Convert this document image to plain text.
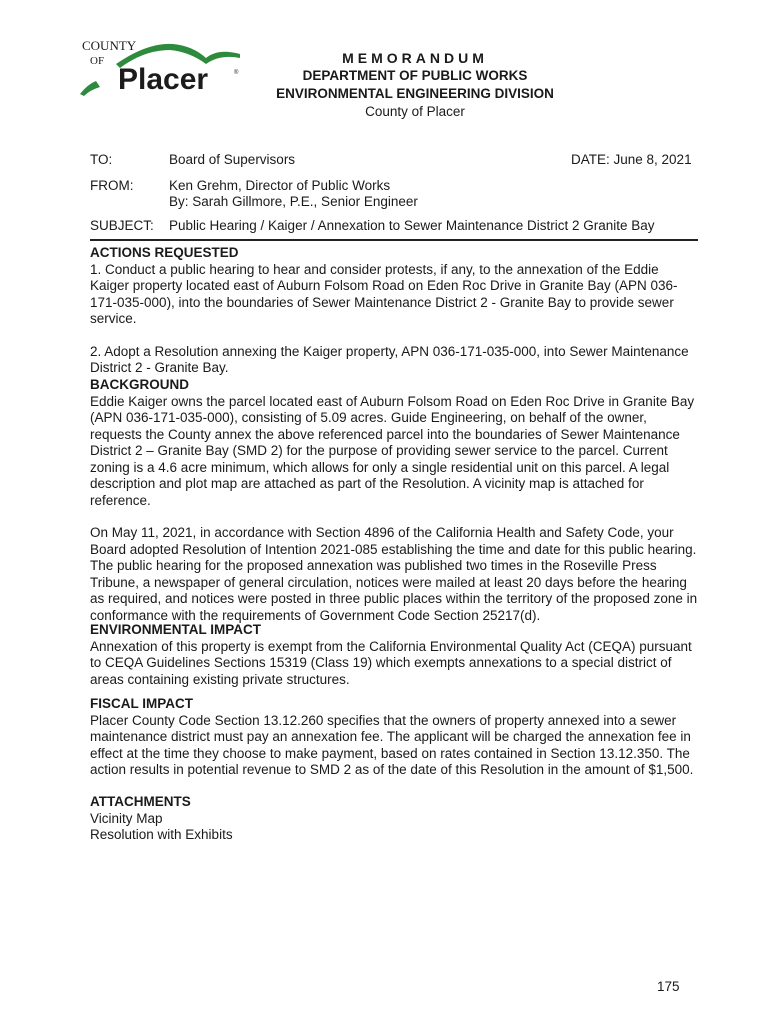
COUNTY
OF
Placer	®
MEMORANDUM
DEPARTMENT OF PUBLIC WORKS
ENVIRONMENTAL ENGINEERING DIVISION
County of Placer
TO:	Board of Supervisors	DATE: June 8, 2021
FROM:	Ken Grehm, Director of Public Works
By: Sarah Gillmore, P.E., Senior Engineer
SUBJECT: Public Hearing / Kaiger / Annexation to Sewer Maintenance District 2 Granite Bay
ACTIONS REQUESTED

1. Conduct a public hearing to hear and consider protests, if any, to the annexation of the Eddie Kaiger property located east of Auburn Folsom Road on Eden Roc Drive in Granite Bay (APN 036-171-035-000), into the boundaries of Sewer Maintenance District 2 - Granite Bay to provide sewer service.

2. Adopt a Resolution annexing the Kaiger property, APN 036-171-035-000, into Sewer Maintenance District 2 - Granite Bay.

BACKGROUND

Eddie Kaiger owns the parcel located east of Auburn Folsom Road on Eden Roc Drive in Granite Bay (APN 036-171-035-000), consisting of 5.09 acres. Guide Engineering, on behalf of the owner, requests the County annex the above referenced parcel into the boundaries of Sewer Maintenance District 2 – Granite Bay (SMD 2) for the purpose of providing sewer service to the parcel. Current zoning is a 4.6 acre minimum, which allows for only a single residential unit on this parcel. A legal description and plot map are attached as part of the Resolution. A vicinity map is attached for reference.

On May 11, 2021, in accordance with Section 4896 of the California Health and Safety Code, your Board adopted Resolution of Intention 2021-085 establishing the time and date for this public hearing. The public hearing for the proposed annexation was published two times in the Roseville Press Tribune, a newspaper of general circulation, notices were mailed at least 20 days before the hearing as required, and notices were posted in three public places within the territory of the proposed zone in conformance with the requirements of Government Code Section 25217(d).

ENVIRONMENTAL IMPACT

Annexation of this property is exempt from the California Environmental Quality Act (CEQA) pursuant to CEQA Guidelines Sections 15319 (Class 19) which exempts annexations to a special district of areas containing existing private structures.

FISCAL IMPACT

Placer County Code Section 13.12.260 specifies that the owners of property annexed into a sewer maintenance district must pay an annexation fee. The applicant will be charged the annexation fee in effect at the time they choose to make payment, based on rates contained in Section 13.12.350. The action results in potential revenue to SMD 2 as of the date of this Resolution in the amount of $1,500.

ATTACHMENTS

Vicinity Map

Resolution with Exhibits

175
